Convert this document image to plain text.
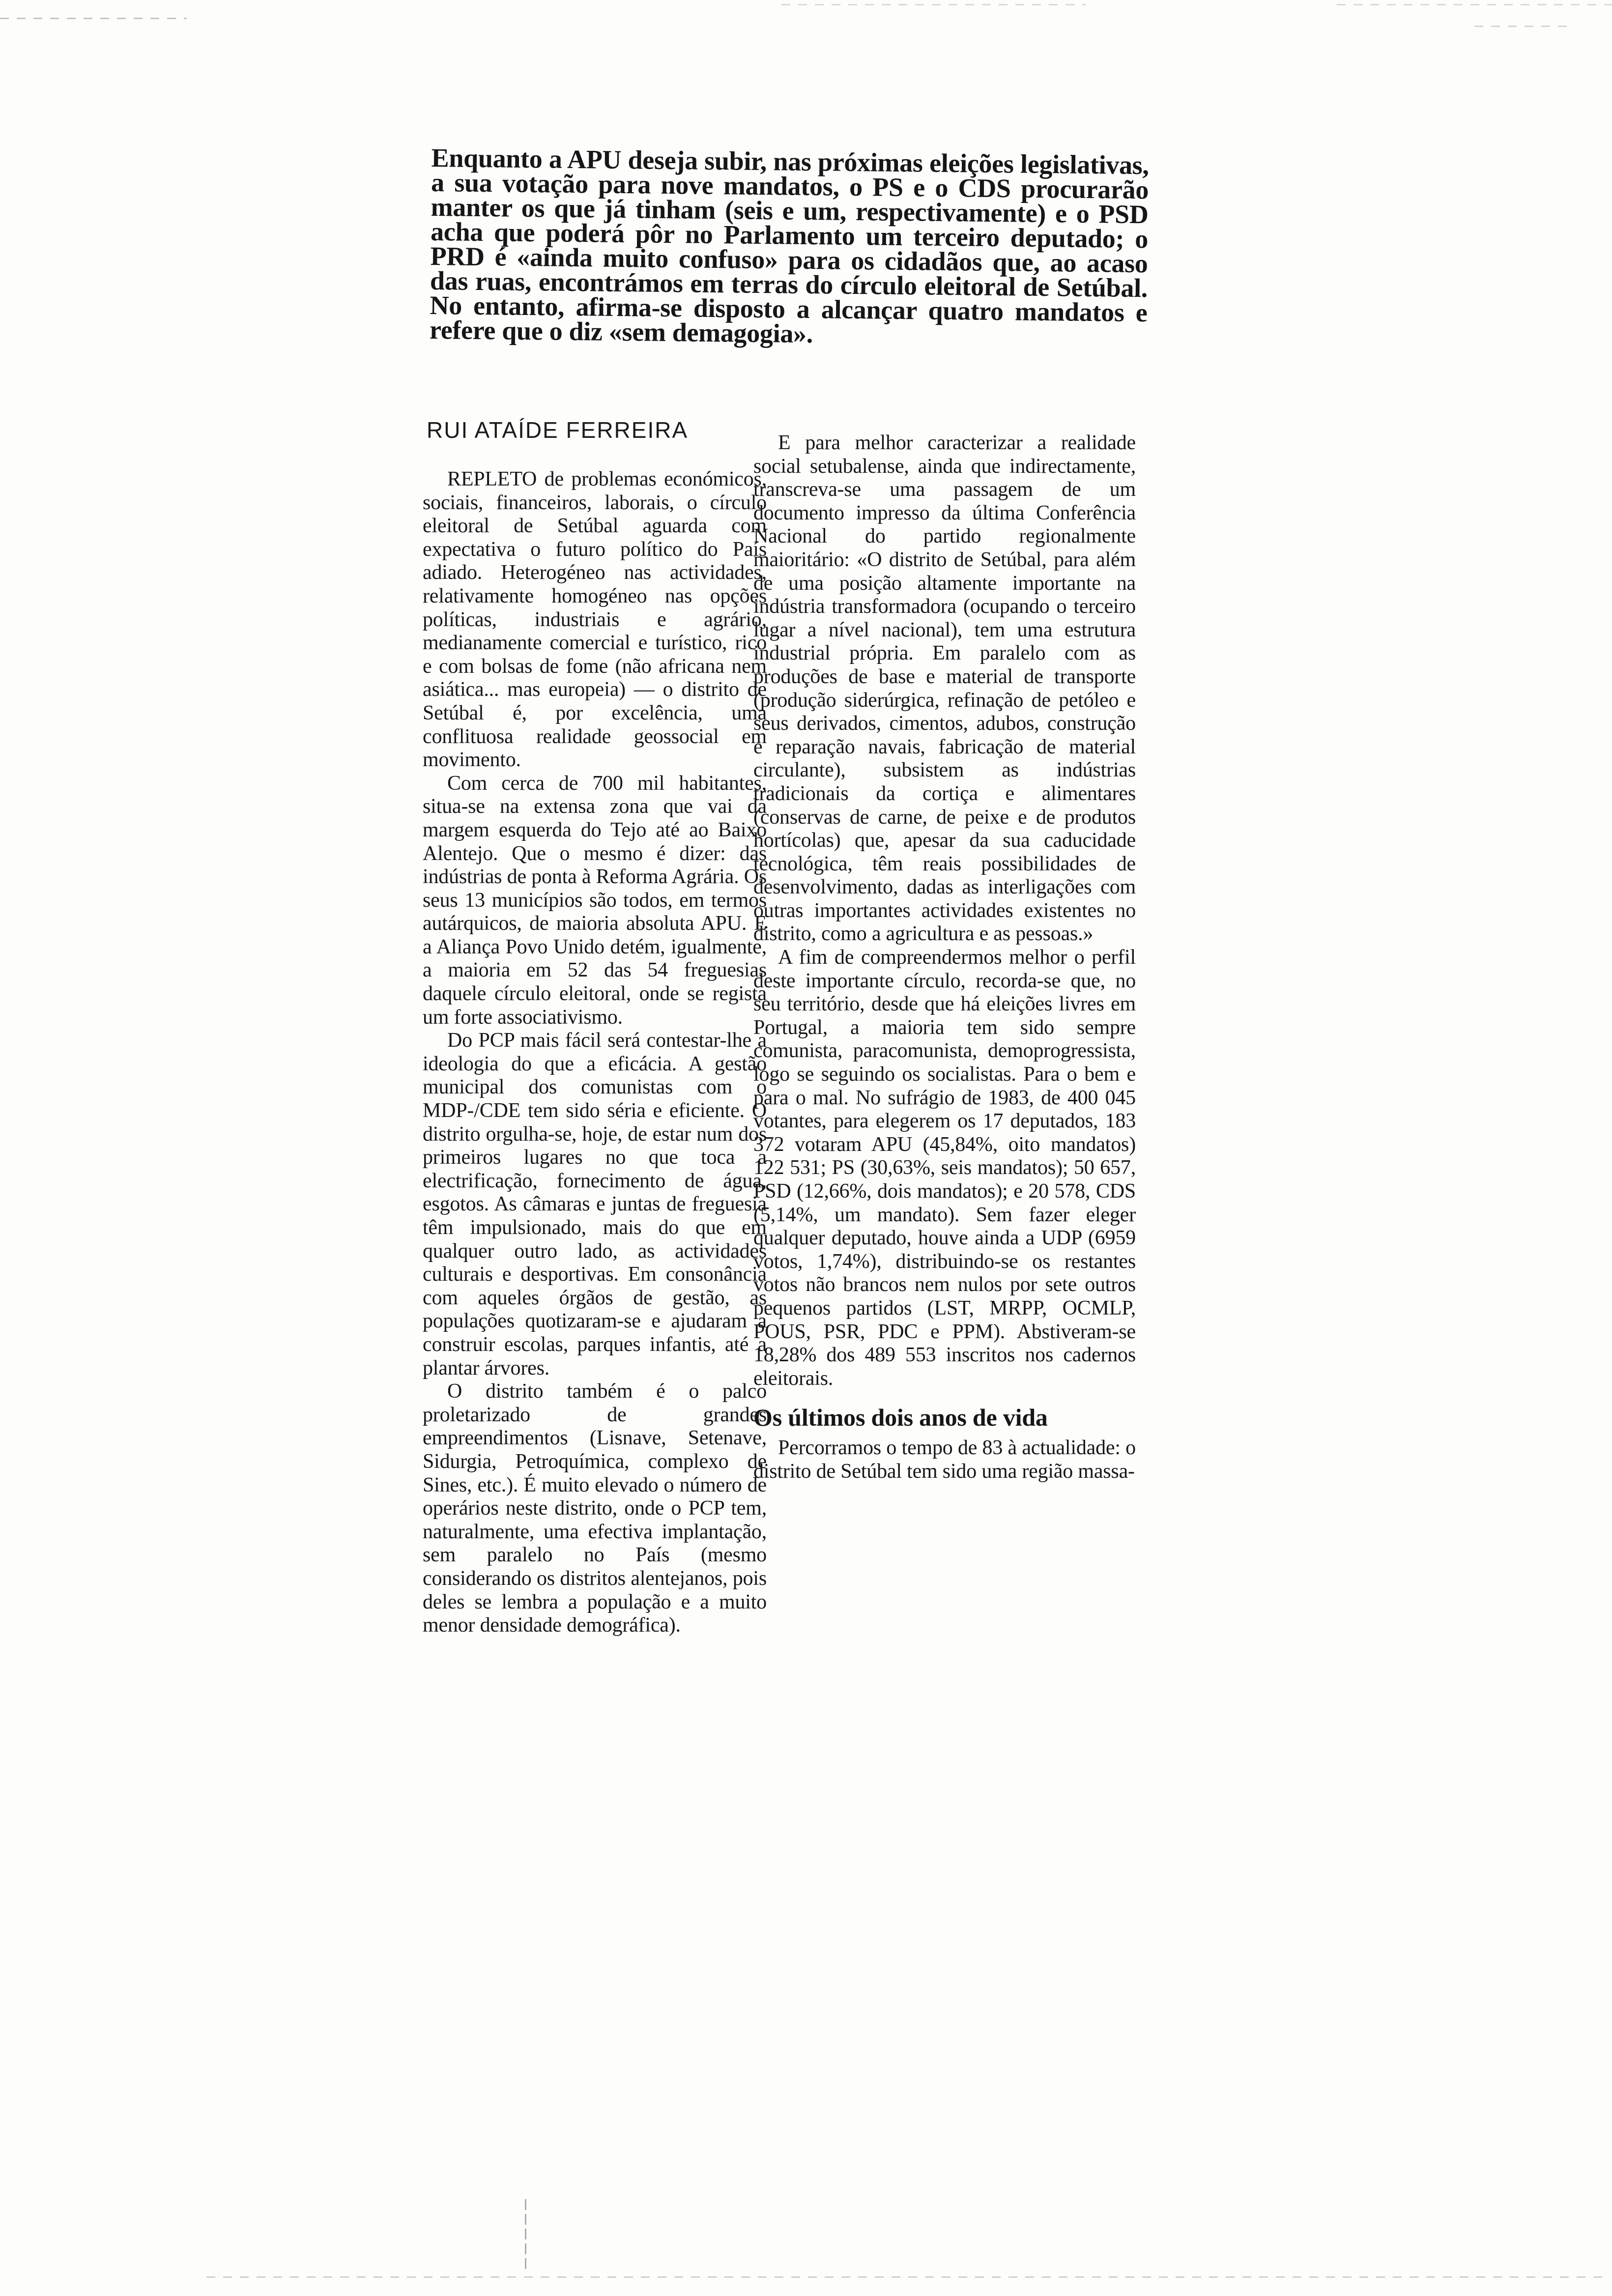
Enquanto a APU deseja subir, nas próximas eleições legislativas, a sua votação para nove mandatos, o PS e o CDS procurarão manter os que já tinham (seis e um, respectivamente) e o PSD acha que poderá pôr no Parlamento um terceiro deputado; o PRD é «ainda muito confuso» para os cidadãos que, ao acaso das ruas, encontrámos em terras do círculo eleitoral de Setúbal. No entanto, afirma-se disposto a alcançar quatro mandatos e refere que o diz «sem demagogia».
RUI ATAÍDE FERREIRA

REPLETO de problemas económicos, sociais, financeiros, laborais, o círculo eleitoral de Setúbal aguarda com expectativa o futuro político do País adiado. Heterogéneo nas actividades, relativamente homogéneo nas opções políticas, industriais e agrário, medianamente comercial e turístico, rico e com bolsas de fome (não africana nem asiática... mas europeia) — o distrito de Setúbal é, por excelência, uma conflituosa realidade geossocial em movimento.

Com cerca de 700 mil habitantes, situa-se na extensa zona que vai da margem esquerda do Tejo até ao Baixo Alentejo. Que o mesmo é dizer: das indústrias de ponta à Reforma Agrária. Os seus 13 municípios são todos, em termos autárquicos, de maioria absoluta APU. E a Aliança Povo Unido detém, igualmente, a maioria em 52 das 54 freguesias daquele círculo eleitoral, onde se regista um forte associativismo.

Do PCP mais fácil será contestar-lhe a ideologia do que a eficácia. A gestão municipal dos comunistas com o MDP-/CDE tem sido séria e eficiente. O distrito orgulha-se, hoje, de estar num dos primeiros lugares no que toca a electrificação, fornecimento de água, esgotos. As câmaras e juntas de freguesia têm impulsionado, mais do que em qualquer outro lado, as actividades culturais e desportivas. Em consonância com aqueles órgãos de gestão, as populações quotizaram-se e ajudaram a construir escolas, parques infantis, até a plantar árvores.

O distrito também é o palco proletarizado de grandes empreendimentos (Lisnave, Setenave, Sidurgia, Petroquímica, complexo de Sines, etc.). É muito elevado o número de operários neste distrito, onde o PCP tem, naturalmente, uma efectiva implantação, sem paralelo no País (mesmo considerando os distritos alentejanos, pois deles se lembra a população e a muito menor densidade demográfica).

E para melhor caracterizar a realidade social setubalense, ainda que indirectamente, transcreva-se uma passagem de um documento impresso da última Conferência Nacional do partido regionalmente maioritário: «O distrito de Setúbal, para além de uma posição altamente importante na indústria transformadora (ocupando o terceiro lugar a nível nacional), tem uma estrutura industrial própria. Em paralelo com as produções de base e material de transporte (produção siderúrgica, refinação de petóleo e seus derivados, cimentos, adubos, construção e reparação navais, fabricação de material circulante), subsistem as indústrias tradicionais da cortiça e alimentares (conservas de carne, de peixe e de produtos hortícolas) que, apesar da sua caducidade tecnológica, têm reais possibilidades de desenvolvimento, dadas as interligações com outras importantes actividades existentes no distrito, como a agricultura e as pessoas.»

A fim de compreendermos melhor o perfil deste importante círculo, recorda-se que, no seu território, desde que há eleições livres em Portugal, a maioria tem sido sempre comunista, paracomunista, demoprogressista, logo se seguindo os socialistas. Para o bem e para o mal. No sufrágio de 1983, de 400 045 votantes, para elegerem os 17 deputados, 183 372 votaram APU (45,84%, oito mandatos) 122 531; PS (30,63%, seis mandatos); 50 657, PSD (12,66%, dois mandatos); e 20 578, CDS (5,14%, um mandato). Sem fazer eleger qualquer deputado, houve ainda a UDP (6959 votos, 1,74%), distribuindo-se os restantes votos não brancos nem nulos por sete outros pequenos partidos (LST, MRPP, OCMLP, POUS, PSR, PDC e PPM). Abstiveram-se 18,28% dos 489 553 inscritos nos cadernos eleitorais.

Os últimos dois anos de vida

Percorramos o tempo de 83 à actualidade: o distrito de Setúbal tem sido uma região massa-
